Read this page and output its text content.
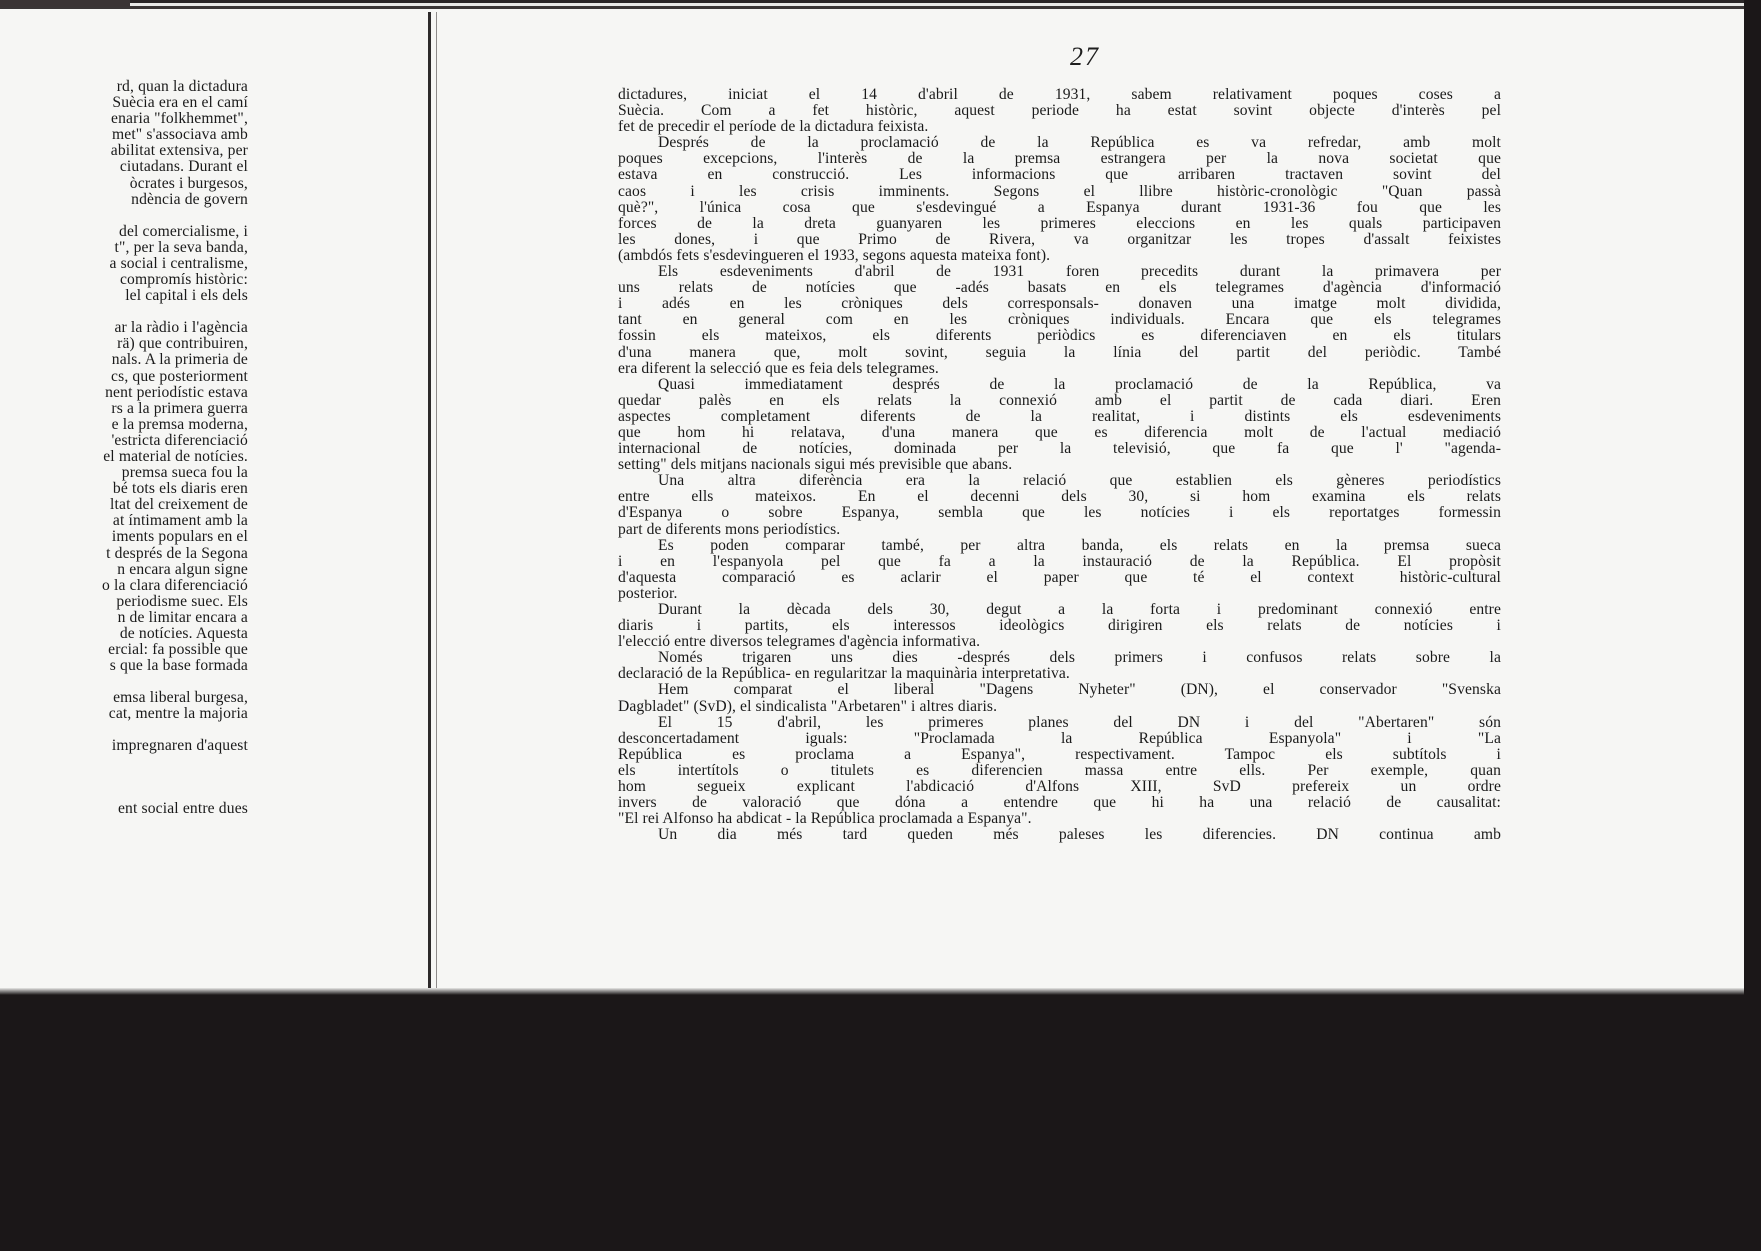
rd, quan la dictadura
Suècia era en el camí
enaria "folkhemmet",
met" s'associava amb
abilitat extensiva, per
ciutadans. Durant el
òcrates i burgesos,
ndència de govern
del comercialisme, i
t", per la seva banda,
a social i centralisme,
compromís històric:
lel capital i els dels
ar la ràdio i l'agència
rä) que contribuiren,
nals. A la primeria de
cs, que posteriorment
nent periodístic estava
rs a la primera guerra
e la premsa moderna,
'estricta diferenciació
el material de notícies.
premsa sueca fou la
bé tots els diaris eren
ltat del creixement de
at íntimament amb la
iments populars en el
t després de la Segona
n encara algun signe
o la clara diferenciació
periodisme suec. Els
n de limitar encara a
de notícies. Aquesta
ercial: fa possible que
s que la base formada
emsa liberal burgesa,
cat, mentre la majoria
impregnaren d'aquest
ent social entre dues
27
dictadures, iniciat el 14 d'abril de 1931, sabem relativament poques coses a
Suècia. Com a fet històric, aquest periode ha estat sovint objecte d'interès pel
fet de precedir el període de la dictadura feixista.
Després de la proclamació de la República es va refredar, amb molt
poques excepcions, l'interès de la premsa estrangera per la nova societat que
estava en construcció. Les informacions que arribaren tractaven sovint del
caos i les crisis imminents. Segons el llibre històric-cronològic "Quan passà
què?", l'única cosa que s'esdevingué a Espanya durant 1931-36 fou que les
forces de la dreta guanyaren les primeres eleccions en les quals participaven
les dones, i que Primo de Rivera, va organitzar les tropes d'assalt feixistes
(ambdós fets s'esdevingueren el 1933, segons aquesta mateixa font).
Els esdeveniments d'abril de 1931 foren precedits durant la primavera per
uns relats de notícies que -adés basats en els telegrames d'agència d'informació
i adés en les cròniques dels corresponsals- donaven una imatge molt dividida,
tant en general com en les cròniques individuals. Encara que els telegrames
fossin els mateixos, els diferents periòdics es diferenciaven en els titulars
d'una manera que, molt sovint, seguia la línia del partit del periòdic. També
era diferent la selecció que es feia dels telegrames.
Quasi immediatament després de la proclamació de la República, va
quedar palès en els relats la connexió amb el partit de cada diari. Eren
aspectes completament diferents de la realitat, i distints els esdeveniments
que hom hi relatava, d'una manera que es diferencia molt de l'actual mediació
internacional de notícies, dominada per la televisió, que fa que l' "agenda-
setting" dels mitjans nacionals sigui més previsible que abans.
Una altra diferència era la relació que establien els gèneres periodístics
entre ells mateixos. En el decenni dels 30, si hom examina els relats
d'Espanya o sobre Espanya, sembla que les notícies i els reportatges formessin
part de diferents mons periodístics.
Es poden comparar també, per altra banda, els relats en la premsa sueca
i en l'espanyola pel que fa a la instauració de la República. El propòsit
d'aquesta comparació es aclarir el paper que té el context històric-cultural
posterior.
Durant la dècada dels 30, degut a la forta i predominant connexió entre
diaris i partits, els interessos ideològics dirigiren els relats de notícies i
l'elecció entre diversos telegrames d'agència informativa.
Només trigaren uns dies -després dels primers i confusos relats sobre la
declaració de la República- en regularitzar la maquinària interpretativa.
Hem comparat el liberal "Dagens Nyheter" (DN), el conservador "Svenska
Dagbladet" (SvD), el sindicalista "Arbetaren" i altres diaris.
El 15 d'abril, les primeres planes del DN i del "Abertaren" són
desconcertadament iguals: "Proclamada la República Espanyola" i "La
República es proclama a Espanya", respectivament. Tampoc els subtítols i
els intertítols o titulets es diferencien massa entre ells. Per exemple, quan
hom segueix explicant l'abdicació d'Alfons XIII, SvD prefereix un ordre
invers de valoració que dóna a entendre que hi ha una relació de causalitat:
"El rei Alfonso ha abdicat - la República proclamada a Espanya".
Un dia més tard queden més paleses les diferencies. DN continua amb
